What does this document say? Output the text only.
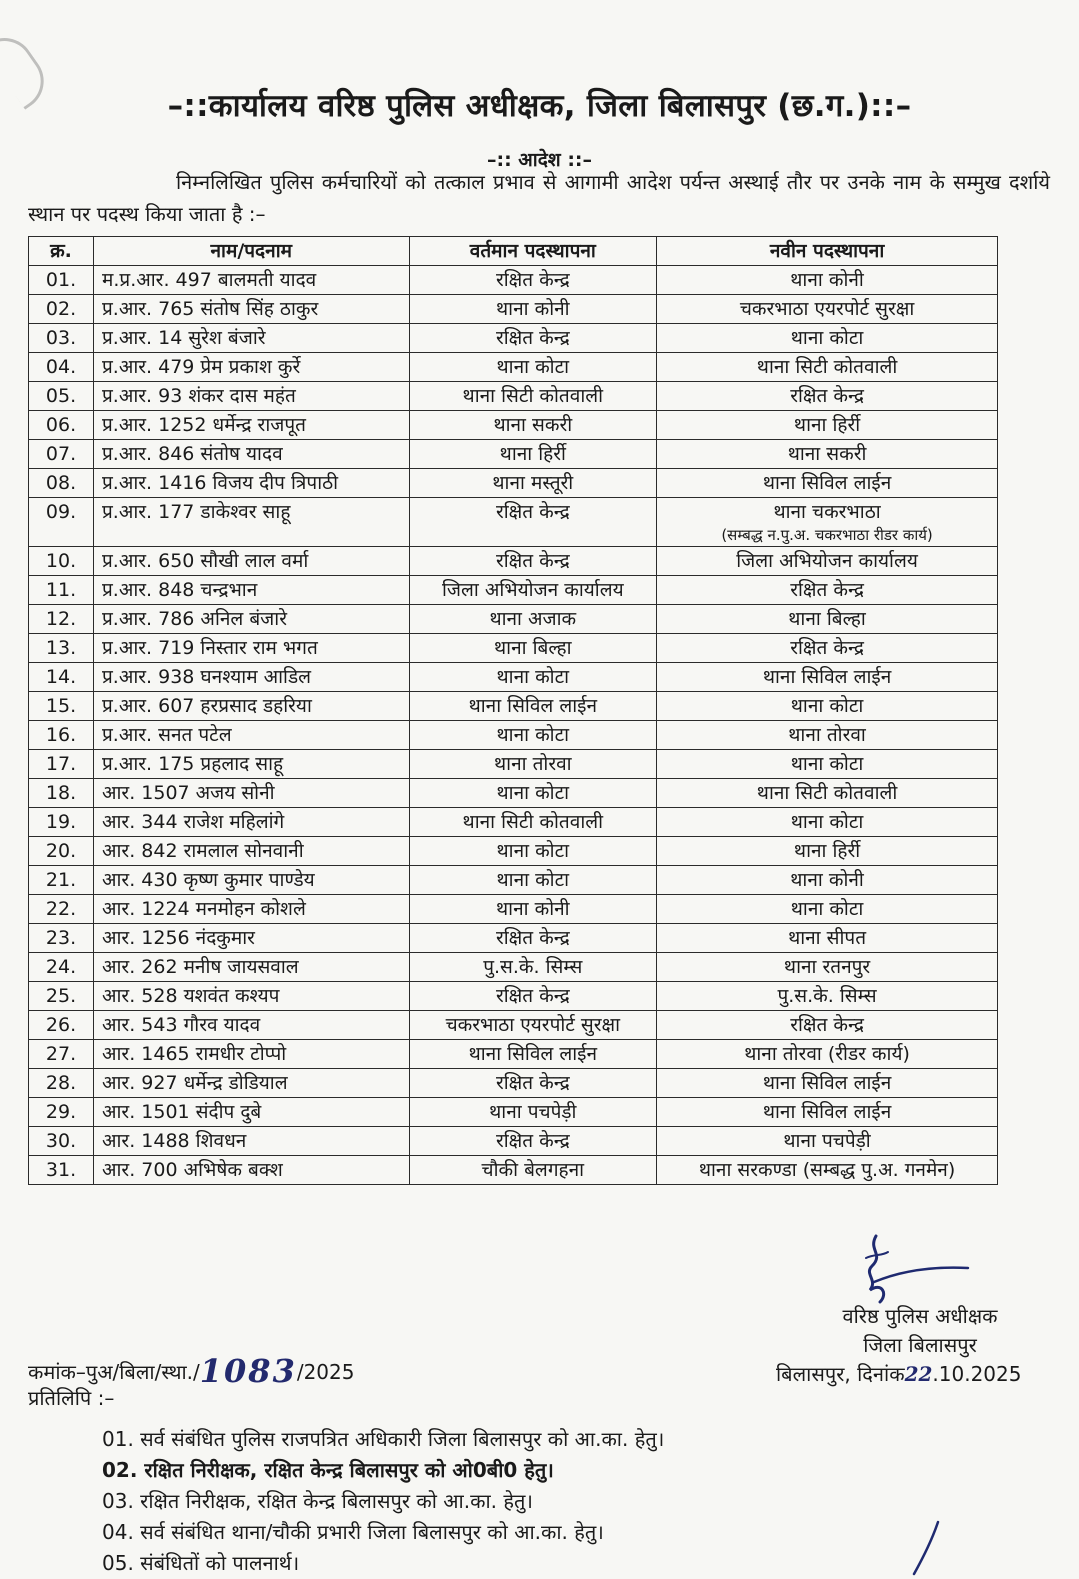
–::कार्यालय वरिष्ठ पुलिस अधीक्षक, जिला बिलासपुर (छ.ग.)::–
–:: आदेश ::–
निम्नलिखित पुलिस कर्मचारियों को तत्काल प्रभाव से आगामी आदेश पर्यन्त अस्थाई तौर पर उनके नाम के सम्मुख दर्शाये स्थान पर पदस्थ किया जाता है :–
क्र.	नाम/पदनाम	वर्तमान पदस्थापना	नवीन पदस्थापना
01.	म.प्र.आर. 497 बालमती यादव	रक्षित केन्द्र	थाना कोनी
02.	प्र.आर. 765 संतोष सिंह ठाकुर	थाना कोनी	चकरभाठा एयरपोर्ट सुरक्षा
03.	प्र.आर. 14 सुरेश बंजारे	रक्षित केन्द्र	थाना कोटा
04.	प्र.आर. 479 प्रेम प्रकाश कुर्रे	थाना कोटा	थाना सिटी कोतवाली
05.	प्र.आर. 93 शंकर दास महंत	थाना सिटी कोतवाली	रक्षित केन्द्र
06.	प्र.आर. 1252 धर्मेन्द्र राजपूत	थाना सकरी	थाना हिर्री
07.	प्र.आर. 846 संतोष यादव	थाना हिर्री	थाना सकरी
08.	प्र.आर. 1416 विजय दीप त्रिपाठी	थाना मस्तूरी	थाना सिविल लाईन
09.	प्र.आर. 177 डाकेश्वर साहू	रक्षित केन्द्र	थाना चकरभाठा
(सम्बद्ध न.पु.अ. चकरभाठा रीडर कार्य)

10.	प्र.आर. 650 सौखी लाल वर्मा	रक्षित केन्द्र	जिला अभियोजन कार्यालय
11.	प्र.आर. 848 चन्द्रभान	जिला अभियोजन कार्यालय	रक्षित केन्द्र
12.	प्र.आर. 786 अनिल बंजारे	थाना अजाक	थाना बिल्हा
13.	प्र.आर. 719 निस्तार राम भगत	थाना बिल्हा	रक्षित केन्द्र
14.	प्र.आर. 938 घनश्याम आडिल	थाना कोटा	थाना सिविल लाईन
15.	प्र.आर. 607 हरप्रसाद डहरिया	थाना सिविल लाईन	थाना कोटा
16.	प्र.आर. सनत पटेल	थाना कोटा	थाना तोरवा
17.	प्र.आर. 175 प्रहलाद साहू	थाना तोरवा	थाना कोटा
18.	आर. 1507 अजय सोनी	थाना कोटा	थाना सिटी कोतवाली
19.	आर. 344 राजेश महिलांगे	थाना सिटी कोतवाली	थाना कोटा
20.	आर. 842 रामलाल सोनवानी	थाना कोटा	थाना हिर्री
21.	आर. 430 कृष्ण कुमार पाण्डेय	थाना कोटा	थाना कोनी
22.	आर. 1224 मनमोहन कोशले	थाना कोनी	थाना कोटा
23.	आर. 1256 नंदकुमार	रक्षित केन्द्र	थाना सीपत
24.	आर. 262 मनीष जायसवाल	पु.स.के. सिम्स	थाना रतनपुर
25.	आर. 528 यशवंत कश्यप	रक्षित केन्द्र	पु.स.के. सिम्स
26.	आर. 543 गौरव यादव	चकरभाठा एयरपोर्ट सुरक्षा	रक्षित केन्द्र
27.	आर. 1465 रामधीर टोप्पो	थाना सिविल लाईन	थाना तोरवा (रीडर कार्य)
28.	आर. 927 धर्मेन्द्र डोडियाल	रक्षित केन्द्र	थाना सिविल लाईन
29.	आर. 1501 संदीप दुबे	थाना पचपेड़ी	थाना सिविल लाईन
30.	आर. 1488 शिवधन	रक्षित केन्द्र	थाना पचपेड़ी
31.	आर. 700 अभिषेक बक्श	चौकी बेलगहना	थाना सरकण्डा (सम्बद्ध पु.अ. गनमेन)
वरिष्ठ पुलिस अधीक्षक
जिला बिलासपुर
बिलासपुर, दिनांक22.10.2025
कमांक–पुअ/बिला/स्था./1083/2025
प्रतिलिपि :–
01. सर्व संबंधित पुलिस राजपत्रित अधिकारी जिला बिलासपुर को आ.का. हेतु।
02. रक्षित निरीक्षक, रक्षित केन्द्र बिलासपुर को ओ0बी0 हेतु।
03. रक्षित निरीक्षक, रक्षित केन्द्र बिलासपुर को आ.का. हेतु।
04. सर्व संबंधित थाना/चौकी प्रभारी जिला बिलासपुर को आ.का. हेतु।
05. संबंधितों को पालनार्थ।
